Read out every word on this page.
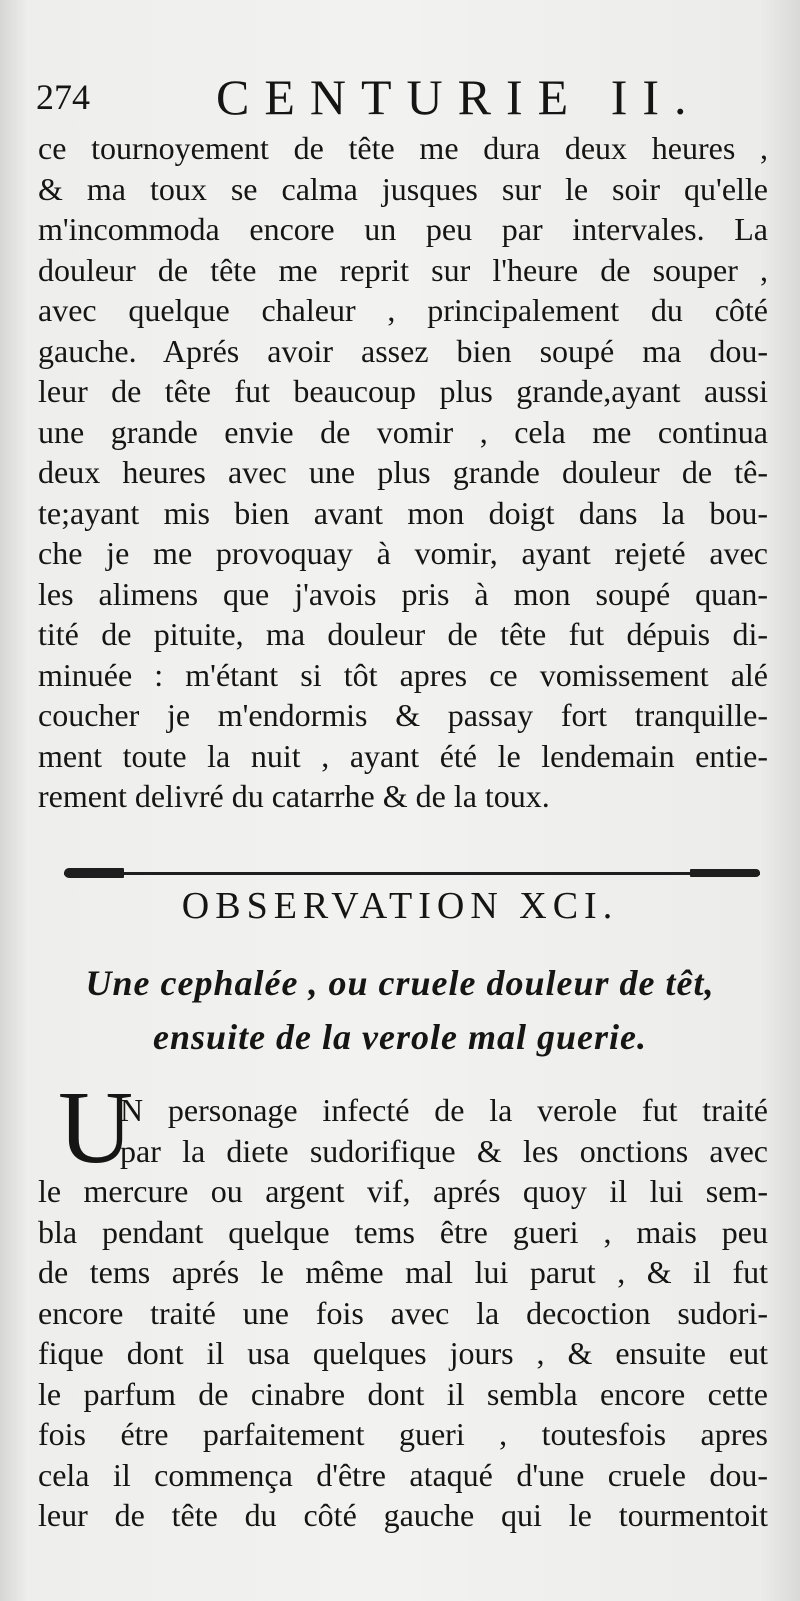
274	CENTURIE II.
ce tournoyement de tête me dura deux heures ,
& ma toux se calma jusques sur le soir qu'elle
m'incommoda encore un peu par intervales. La
douleur de tête me reprit sur l'heure de souper ,
avec quelque chaleur , principalement du côté
gauche. Aprés avoir assez bien soupé ma dou-
leur de tête fut beaucoup plus grande,ayant aussi
une grande envie de vomir , cela me continua
deux heures avec une plus grande douleur de tê-
te;ayant mis bien avant mon doigt dans la bou-
che je me provoquay à vomir, ayant rejeté avec
les alimens que j'avois pris à mon soupé quan-
tité de pituite, ma douleur de tête fut dépuis di-
minuée : m'étant si tôt apres ce vomissement alé
coucher je m'endormis & passay fort tranquille-
ment toute la nuit , ayant été le lendemain entie-
rement delivré du catarrhe & de la toux.
OBSERVATION XCI.
Une cephalée , ou cruele douleur de têt,
ensuite de la verole mal guerie.
U
N personage infecté de la verole fut traité
par la diete sudorifique & les onctions avec
le mercure ou argent vif, aprés quoy il lui sem-
bla pendant quelque tems être gueri , mais peu
de tems aprés le même mal lui parut , & il fut
encore traité une fois avec la decoction sudori-
fique dont il usa quelques jours , & ensuite eut
le parfum de cinabre dont il sembla encore cette
fois étre parfaitement gueri , toutesfois apres
cela il commença d'être ataqué d'une cruele dou-
leur de tête du côté gauche qui le tourmentoit
